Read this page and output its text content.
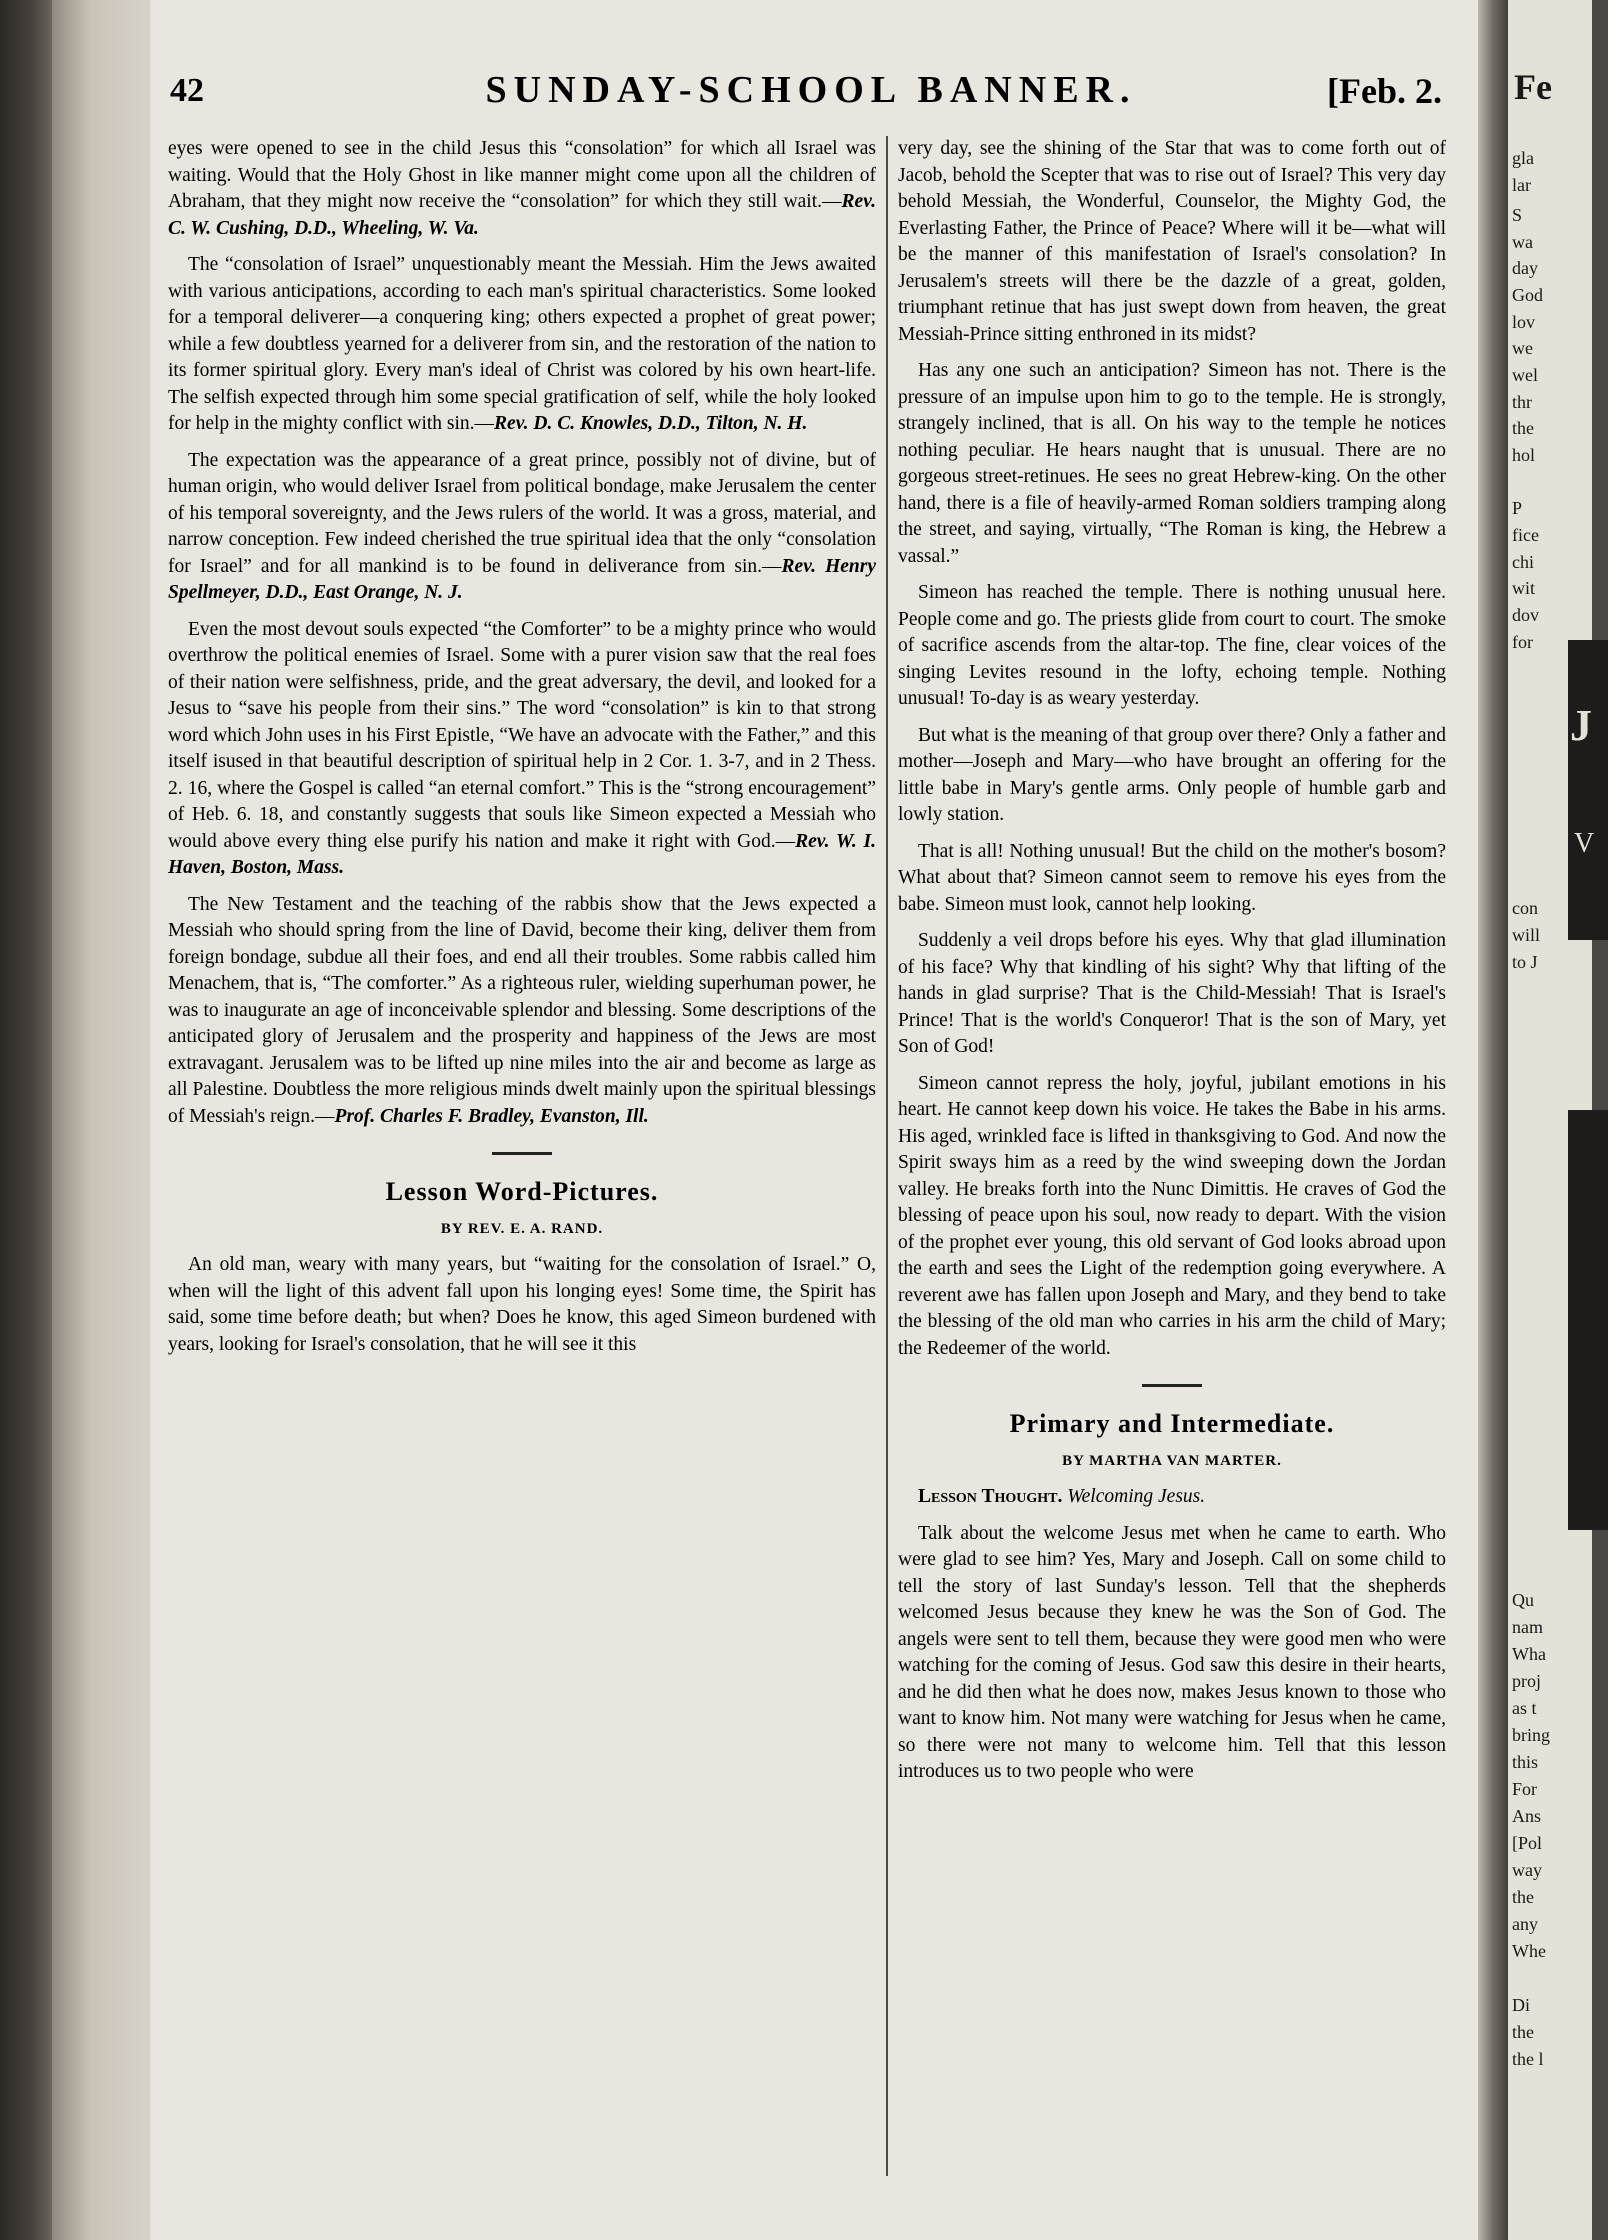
42	SUNDAY-SCHOOL BANNER.	[Feb. 2.

eyes were opened to see in the child Jesus this “consolation” for which all Israel was waiting. Would that the Holy Ghost in like manner might come upon all the children of Abraham, that they might now receive the “consolation” for which they still wait.—Rev. C. W. Cushing, D.D., Wheeling, W. Va.

The “consolation of Israel” unquestionably meant the Messiah. Him the Jews awaited with various anticipations, according to each man's spiritual characteristics. Some looked for a temporal deliverer—a conquering king; others expected a prophet of great power; while a few doubtless yearned for a deliverer from sin, and the restoration of the nation to its former spiritual glory. Every man's ideal of Christ was colored by his own heart-life. The selfish expected through him some special gratification of self, while the holy looked for help in the mighty conflict with sin.—Rev. D. C. Knowles, D.D., Tilton, N. H.

The expectation was the appearance of a great prince, possibly not of divine, but of human origin, who would deliver Israel from political bondage, make Jerusalem the center of his temporal sovereignty, and the Jews rulers of the world. It was a gross, material, and narrow conception. Few indeed cherished the true spiritual idea that the only “consolation for Israel” and for all mankind is to be found in deliverance from sin.—Rev. Henry Spellmeyer, D.D., East Orange, N. J.

Even the most devout souls expected “the Comforter” to be a mighty prince who would overthrow the political enemies of Israel. Some with a purer vision saw that the real foes of their nation were selfishness, pride, and the great adversary, the devil, and looked for a Jesus to “save his people from their sins.” The word “consolation” is kin to that strong word which John uses in his First Epistle, “We have an advocate with the Father,” and this itself isused in that beautiful description of spiritual help in 2 Cor. 1. 3-7, and in 2 Thess. 2. 16, where the Gospel is called “an eternal comfort.” This is the “strong encouragement” of Heb. 6. 18, and constantly suggests that souls like Simeon expected a Messiah who would above every thing else purify his nation and make it right with God.—Rev. W. I. Haven, Boston, Mass.

The New Testament and the teaching of the rabbis show that the Jews expected a Messiah who should spring from the line of David, become their king, deliver them from foreign bondage, subdue all their foes, and end all their troubles. Some rabbis called him Menachem, that is, “The comforter.” As a righteous ruler, wielding superhuman power, he was to inaugurate an age of inconceivable splendor and blessing. Some descriptions of the anticipated glory of Jerusalem and the prosperity and happiness of the Jews are most extravagant. Jerusalem was to be lifted up nine miles into the air and become as large as all Palestine. Doubtless the more religious minds dwelt mainly upon the spiritual blessings of Messiah's reign.—Prof. Charles F. Bradley, Evanston, Ill.

Lesson Word-Pictures.
BY REV. E. A. RAND.

An old man, weary with many years, but “waiting for the consolation of Israel.” O, when will the light of this advent fall upon his longing eyes! Some time, the Spirit has said, some time before death; but when? Does he know, this aged Simeon burdened with years, looking for Israel's consolation, that he will see it this

very day, see the shining of the Star that was to come forth out of Jacob, behold the Scepter that was to rise out of Israel? This very day behold Messiah, the Wonderful, Counselor, the Mighty God, the Everlasting Father, the Prince of Peace? Where will it be—what will be the manner of this manifestation of Israel's consolation? In Jerusalem's streets will there be the dazzle of a great, golden, triumphant retinue that has just swept down from heaven, the great Messiah-Prince sitting enthroned in its midst?

Has any one such an anticipation? Simeon has not. There is the pressure of an impulse upon him to go to the temple. He is strongly, strangely inclined, that is all. On his way to the temple he notices nothing peculiar. He hears naught that is unusual. There are no gorgeous street-retinues. He sees no great Hebrew-king. On the other hand, there is a file of heavily-armed Roman soldiers tramping along the street, and saying, virtually, “The Roman is king, the Hebrew a vassal.”

Simeon has reached the temple. There is nothing unusual here. People come and go. The priests glide from court to court. The smoke of sacrifice ascends from the altar-top. The fine, clear voices of the singing Levites resound in the lofty, echoing temple. Nothing unusual! To-day is as weary yesterday.

But what is the meaning of that group over there? Only a father and mother—Joseph and Mary—who have brought an offering for the little babe in Mary's gentle arms. Only people of humble garb and lowly station.

That is all! Nothing unusual! But the child on the mother's bosom? What about that? Simeon cannot seem to remove his eyes from the babe. Simeon must look, cannot help looking.

Suddenly a veil drops before his eyes. Why that glad illumination of his face? Why that kindling of his sight? Why that lifting of the hands in glad surprise? That is the Child-Messiah! That is Israel's Prince! That is the world's Conqueror! That is the son of Mary, yet Son of God!

Simeon cannot repress the holy, joyful, jubilant emotions in his heart. He cannot keep down his voice. He takes the Babe in his arms. His aged, wrinkled face is lifted in thanksgiving to God. And now the Spirit sways him as a reed by the wind sweeping down the Jordan valley. He breaks forth into the Nunc Dimittis. He craves of God the blessing of peace upon his soul, now ready to depart. With the vision of the prophet ever young, this old servant of God looks abroad upon the earth and sees the Light of the redemption going everywhere. A reverent awe has fallen upon Joseph and Mary, and they bend to take the blessing of the old man who carries in his arm the child of Mary; the Redeemer of the world.

Primary and Intermediate.
BY MARTHA VAN MARTER.

Lesson Thought. Welcoming Jesus.

Talk about the welcome Jesus met when he came to earth. Who were glad to see him? Yes, Mary and Joseph. Call on some child to tell the story of last Sunday's lesson. Tell that the shepherds welcomed Jesus because they knew he was the Son of God. The angels were sent to tell them, because they were good men who were watching for the coming of Jesus. God saw this desire in their hearts, and he did then what he does now, makes Jesus known to those who want to know him. Not many were watching for Jesus when he came, so there were not many to welcome him. Tell that this lesson introduces us to two people who were

Fe
gla
lar
S
wa
day
God
lov
we
wel
thr
the
hol
P
fice
chi
wit
dov
for
J
V
con
will
to J
Qu
nam
Wha
proj
as t
bring
this
For
Ans
[Pol
way
the
any
Whe
Di
the
the l
